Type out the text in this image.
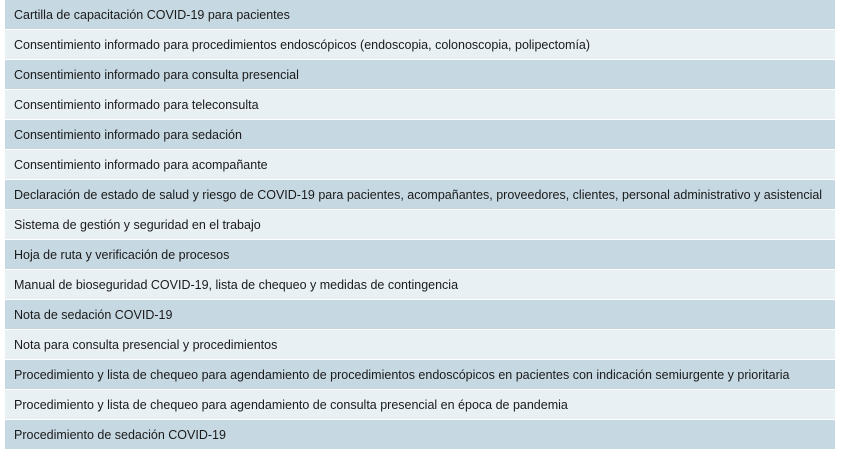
Cartilla de capacitación COVID-19 para pacientes
Consentimiento informado para procedimientos endoscópicos (endoscopia, colonoscopia, polipectomía)
Consentimiento informado para consulta presencial
Consentimiento informado para teleconsulta
Consentimiento informado para sedación
Consentimiento informado para acompañante
Declaración de estado de salud y riesgo de COVID-19 para pacientes, acompañantes, proveedores, clientes, personal administrativo y asistencial
Sistema de gestión y seguridad en el trabajo
Hoja de ruta y verificación de procesos
Manual de bioseguridad COVID-19, lista de chequeo y medidas de contingencia
Nota de sedación COVID-19
Nota para consulta presencial y procedimientos
Procedimiento y lista de chequeo para agendamiento de procedimientos endoscópicos en pacientes con indicación semiurgente y prioritaria
Procedimiento y lista de chequeo para agendamiento de consulta presencial en época de pandemia
Procedimiento de sedación COVID-19
